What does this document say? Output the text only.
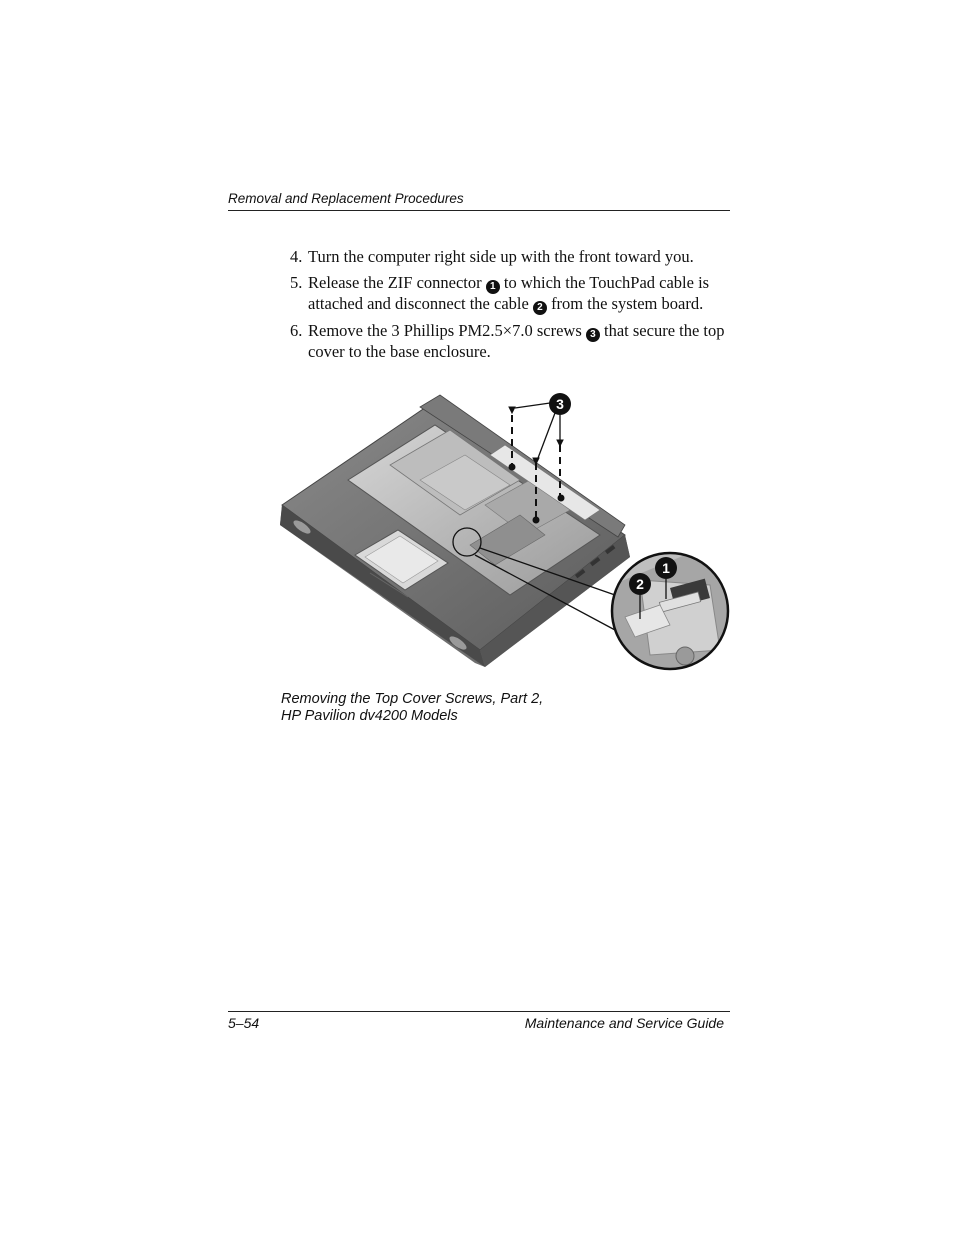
Removal and Replacement Procedures
4. Turn the computer right side up with the front toward you.
5. Release the ZIF connector 1 to which the TouchPad cable is attached and disconnect the cable 2 from the system board.
6. Remove the 3 Phillips PM2.5×7.0 screws 3 that secure the top cover to the base enclosure.
3
1
2
Removing the Top Cover Screws, Part 2,
HP Pavilion dv4200 Models
5–54	Maintenance and Service Guide
